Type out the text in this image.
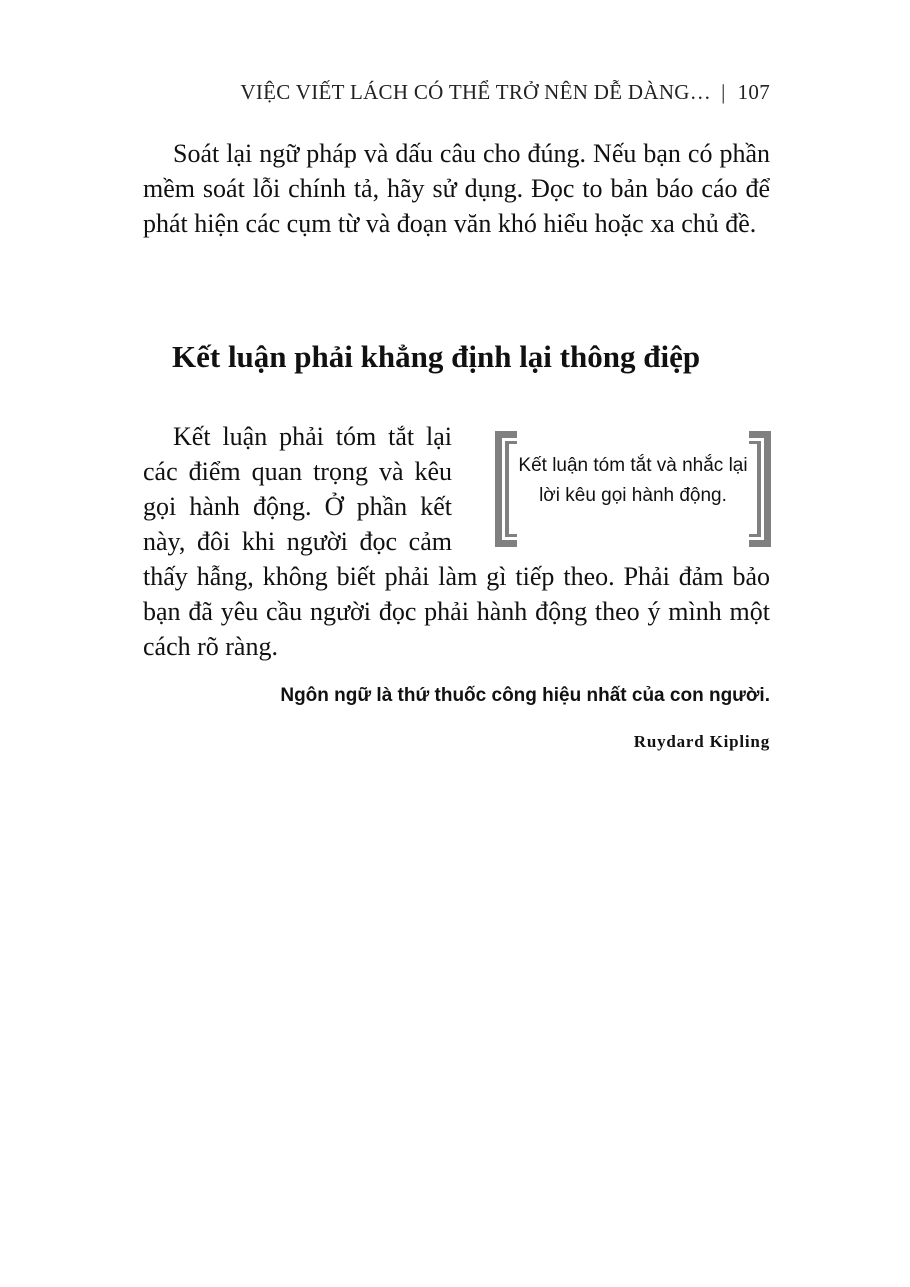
VIỆC VIẾT LÁCH CÓ THỂ TRỞ NÊN DỄ DÀNG… | 107

Soát lại ngữ pháp và dấu câu cho đúng. Nếu bạn có phần mềm soát lỗi chính tả, hãy sử dụng. Đọc to bản báo cáo để phát hiện các cụm từ và đoạn văn khó hiểu hoặc xa chủ đề.

Kết luận phải khẳng định lại thông điệp

Kết luận phải tóm tắt lại các điểm quan trọng và kêu gọi hành động. Ở phần kết này, đôi khi người đọc cảm thấy hẫng, không biết phải làm gì tiếp theo. Phải đảm bảo bạn đã yêu cầu người đọc phải hành động theo ý mình một cách rõ ràng.

Kết luận tóm tắt và nhắc lại
lời kêu gọi hành động.

Ngôn ngữ là thứ thuốc công hiệu nhất của con người.

Ruydard Kipling
